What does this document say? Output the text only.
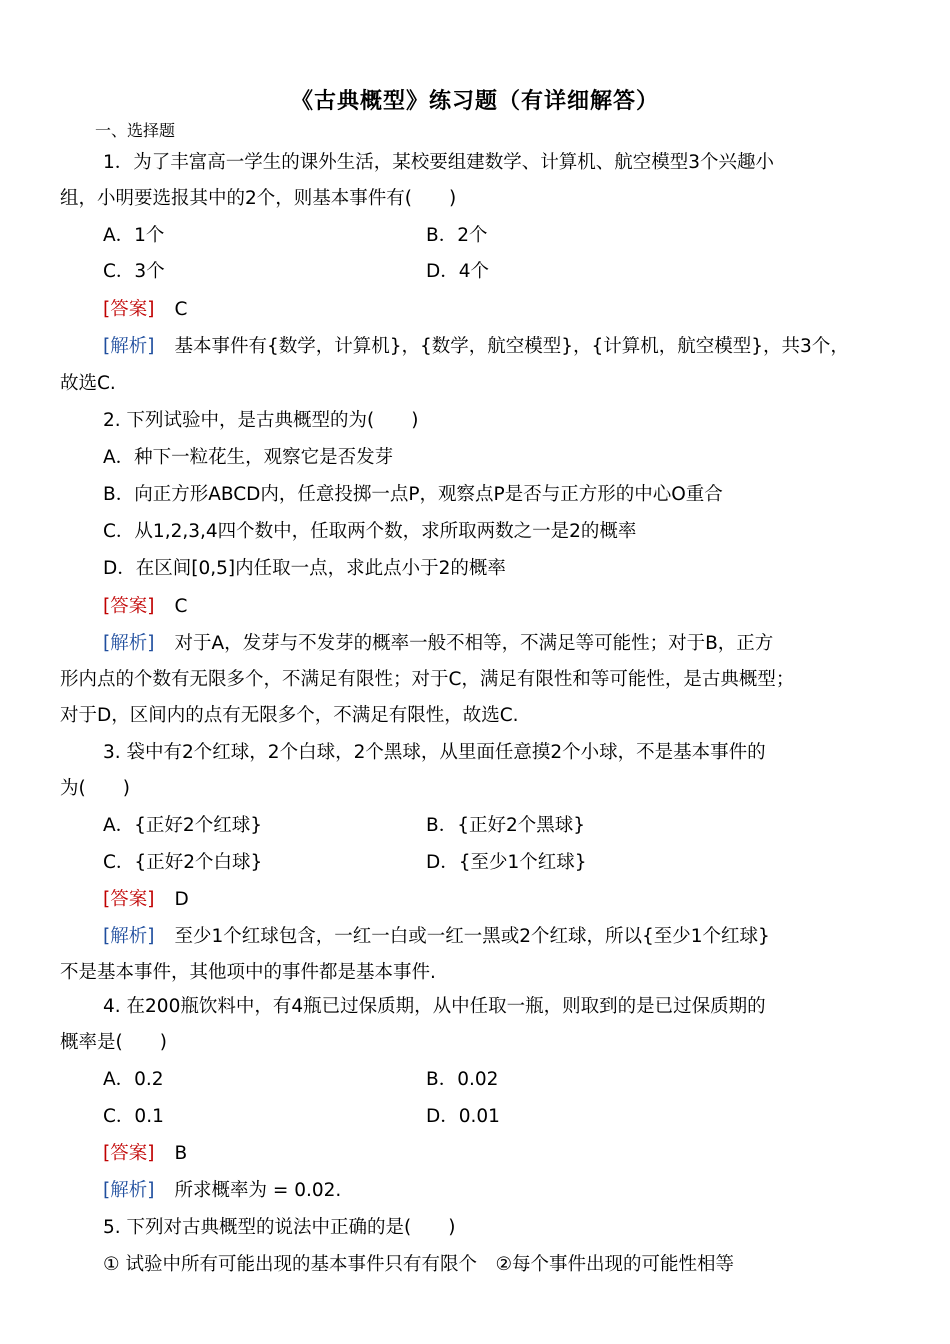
《古典概型》练习题（有详细解答）
一、选择题
1．为了丰富高一学生的课外生活，某校要组建数学、计算机、航空模型3个兴趣小
组，小明要选报其中的2个，则基本事件有(　　)
A．1个	B．2个
C．3个	D．4个
[答案] C
[解析] 基本事件有{数学，计算机}，{数学，航空模型}，{计算机，航空模型}，共3个，
故选C.
2. 下列试验中，是古典概型的为(　　)
A．种下一粒花生，观察它是否发芽
B．向正方形ABCD内，任意投掷一点P，观察点P是否与正方形的中心O重合
C．从1,2,3,4四个数中，任取两个数，求所取两数之一是2的概率
D．在区间[0,5]内任取一点，求此点小于2的概率
[答案] C
[解析] 对于A，发芽与不发芽的概率一般不相等，不满足等可能性；对于B，正方
形内点的个数有无限多个，不满足有限性；对于C，满足有限性和等可能性，是古典概型；
对于D，区间内的点有无限多个，不满足有限性，故选C.
3. 袋中有2个红球，2个白球，2个黑球，从里面任意摸2个小球，不是基本事件的
为(　　)
A．{正好2个红球}	B．{正好2个黑球}
C．{正好2个白球}	D．{至少1个红球}
[答案] D
[解析] 至少1个红球包含，一红一白或一红一黑或2个红球，所以{至少1个红球}
不是基本事件，其他项中的事件都是基本事件.
4. 在200瓶饮料中，有4瓶已过保质期，从中任取一瓶，则取到的是已过保质期的
概率是(　　)
A．0.2	B．0.02
C．0.1	D．0.01
[答案] B
[解析] 所求概率为 = 0.02.
5. 下列对古典概型的说法中正确的是(　　)
① 试验中所有可能出现的基本事件只有有限个　②每个事件出现的可能性相等
